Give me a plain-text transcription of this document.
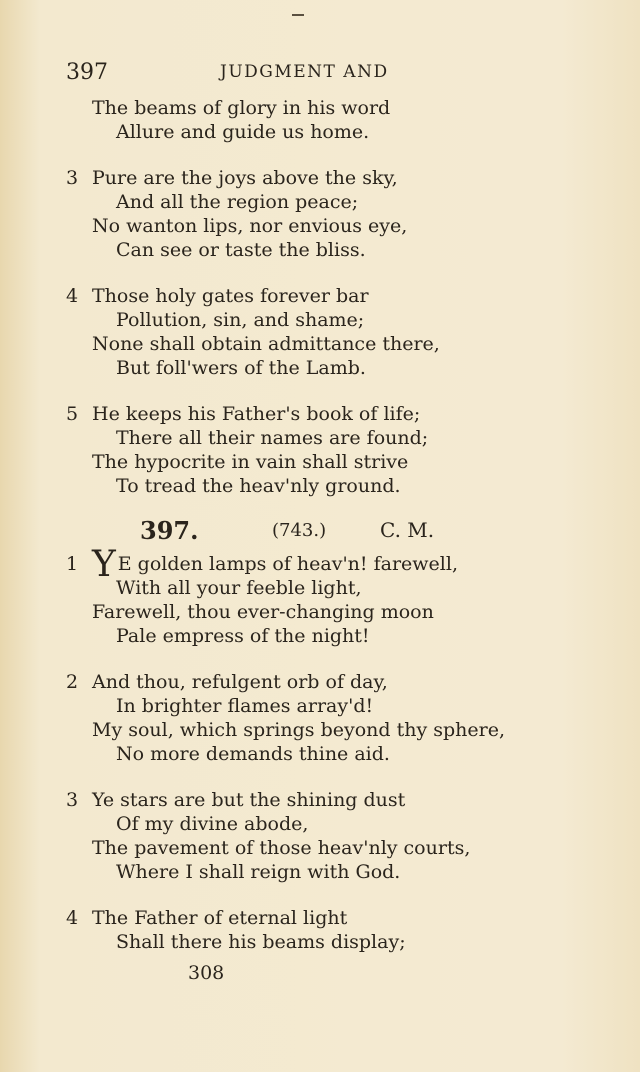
397	JUDGMENT AND
The beams of glory in his word
Allure and guide us home.
3 Pure are the joys above the sky,
And all the region peace;
No wanton lips, nor envious eye,
Can see or taste the bliss.
4 Those holy gates forever bar
Pollution, sin, and shame;
None shall obtain admittance there,
But foll'wers of the Lamb.
5 He keeps his Father's book of life;
There all their names are found;
The hypocrite in vain shall strive
To tread the heav'nly ground.
397.	(743.)	C. M.
1 Y E golden lamps of heav'n! farewell,
With all your feeble light,
Farewell, thou ever-changing moon
Pale empress of the night!
2 And thou, refulgent orb of day,
In brighter flames array'd!
My soul, which springs beyond thy sphere,
No more demands thine aid.
3 Ye stars are but the shining dust
Of my divine abode,
The pavement of those heav'nly courts,
Where I shall reign with God.
4 The Father of eternal light
Shall there his beams display;
308
